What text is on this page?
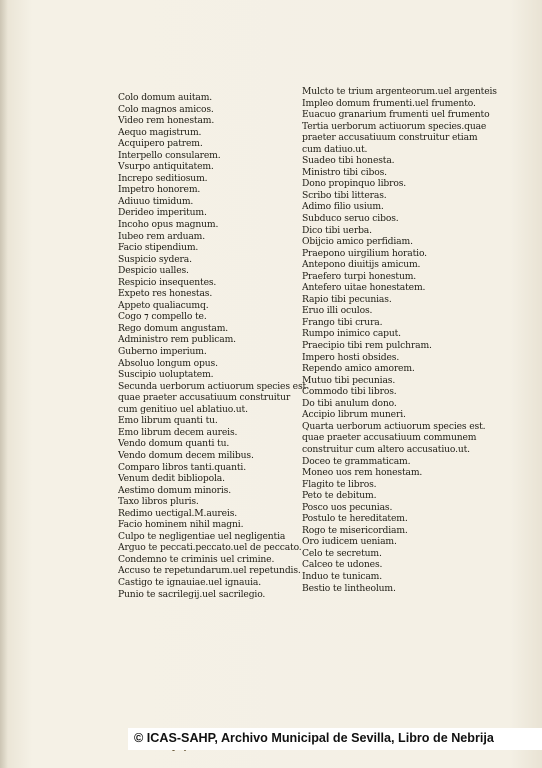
Colo domum auitam.
Colo magnos amicos.
Video rem honestam.
Aequo magistrum.
Acquipero patrem.
Interpello consularem.
Vsurpo antiquitatem.
Increpo seditiosum.
Impetro honorem.
Adiuuo timidum.
Derideo imperitum.
Incoho opus magnum.
Iubeo rem arduam.
Facio stipendium.
Suspicio sydera.
Despicio ualles.
Respicio insequentes.
Expeto res honestas.
Appeto qualiacumq.
Cogo ⁊ compello te.
Rego domum angustam.
Administro rem publicam.
Guberno imperium.
Absoluo longum opus.
Suscipio uoluptatem.
Secunda uerborum actiuorum species est
quae praeter accusatiuum construitur
cum genitiuo uel ablatiuo.ut.
Emo librum quanti tu.
Emo librum decem aureis.
Vendo domum quanti tu.
Vendo domum decem milibus.
Comparo libros tanti.quanti.
Venum dedit bibliopola.
Aestimo domum minoris.
Taxo libros pluris.
Redimo uectigal.M.aureis.
Facio hominem nihil magni.
Culpo te negligentiae uel negligentia
Arguo te peccati.peccato.uel de peccato.
Condemno te criminis uel crimine.
Accuso te repetundarum.uel repetundis.
Castigo te ignauiae.uel ignauia.
Punio te sacrilegij.uel sacrilegio.
Mulcto te trium argenteorum.uel argenteis
Impleo domum frumenti.uel frumento.
Euacuo granarium frumenti uel frumento
Tertia uerborum actiuorum species.quae
praeter accusatiuum construitur etiam
cum datiuo.ut.
Suadeo tibi honesta.
Ministro tibi cibos.
Dono propinquo libros.
Scribo tibi litteras.
Adimo filio usium.
Subduco seruo cibos.
Dico tibi uerba.
Obijcio amico perfidiam.
Praepono uirgilium horatio.
Antepono diuitijs amicum.
Praefero turpi honestum.
Antefero uitae honestatem.
Rapio tibi pecunias.
Eruo illi oculos.
Frango tibi crura.
Rumpo inimico caput.
Praecipio tibi rem pulchram.
Impero hosti obsides.
Rependo amico amorem.
Mutuo tibi pecunias.
Commodo tibi libros.
Do tibi anulum dono.
Accipio librum muneri.
Quarta uerborum actiuorum species est.
quae praeter accusatiuum communem
construitur cum altero accusatiuo.ut.
Doceo te grammaticam.
Moneo uos rem honestam.
Flagito te libros.
Peto te debitum.
Posco uos pecunias.
Postulo te hereditatem.
Rogo te misericordiam.
Oro iudicem ueniam.
Celo te secretum.
Calceo te udones.
Induo te tunicam.
Bestio te lintheolum.
© ICAS-SAHP, Archivo Municipal de Sevilla, Libro de Nebrija
